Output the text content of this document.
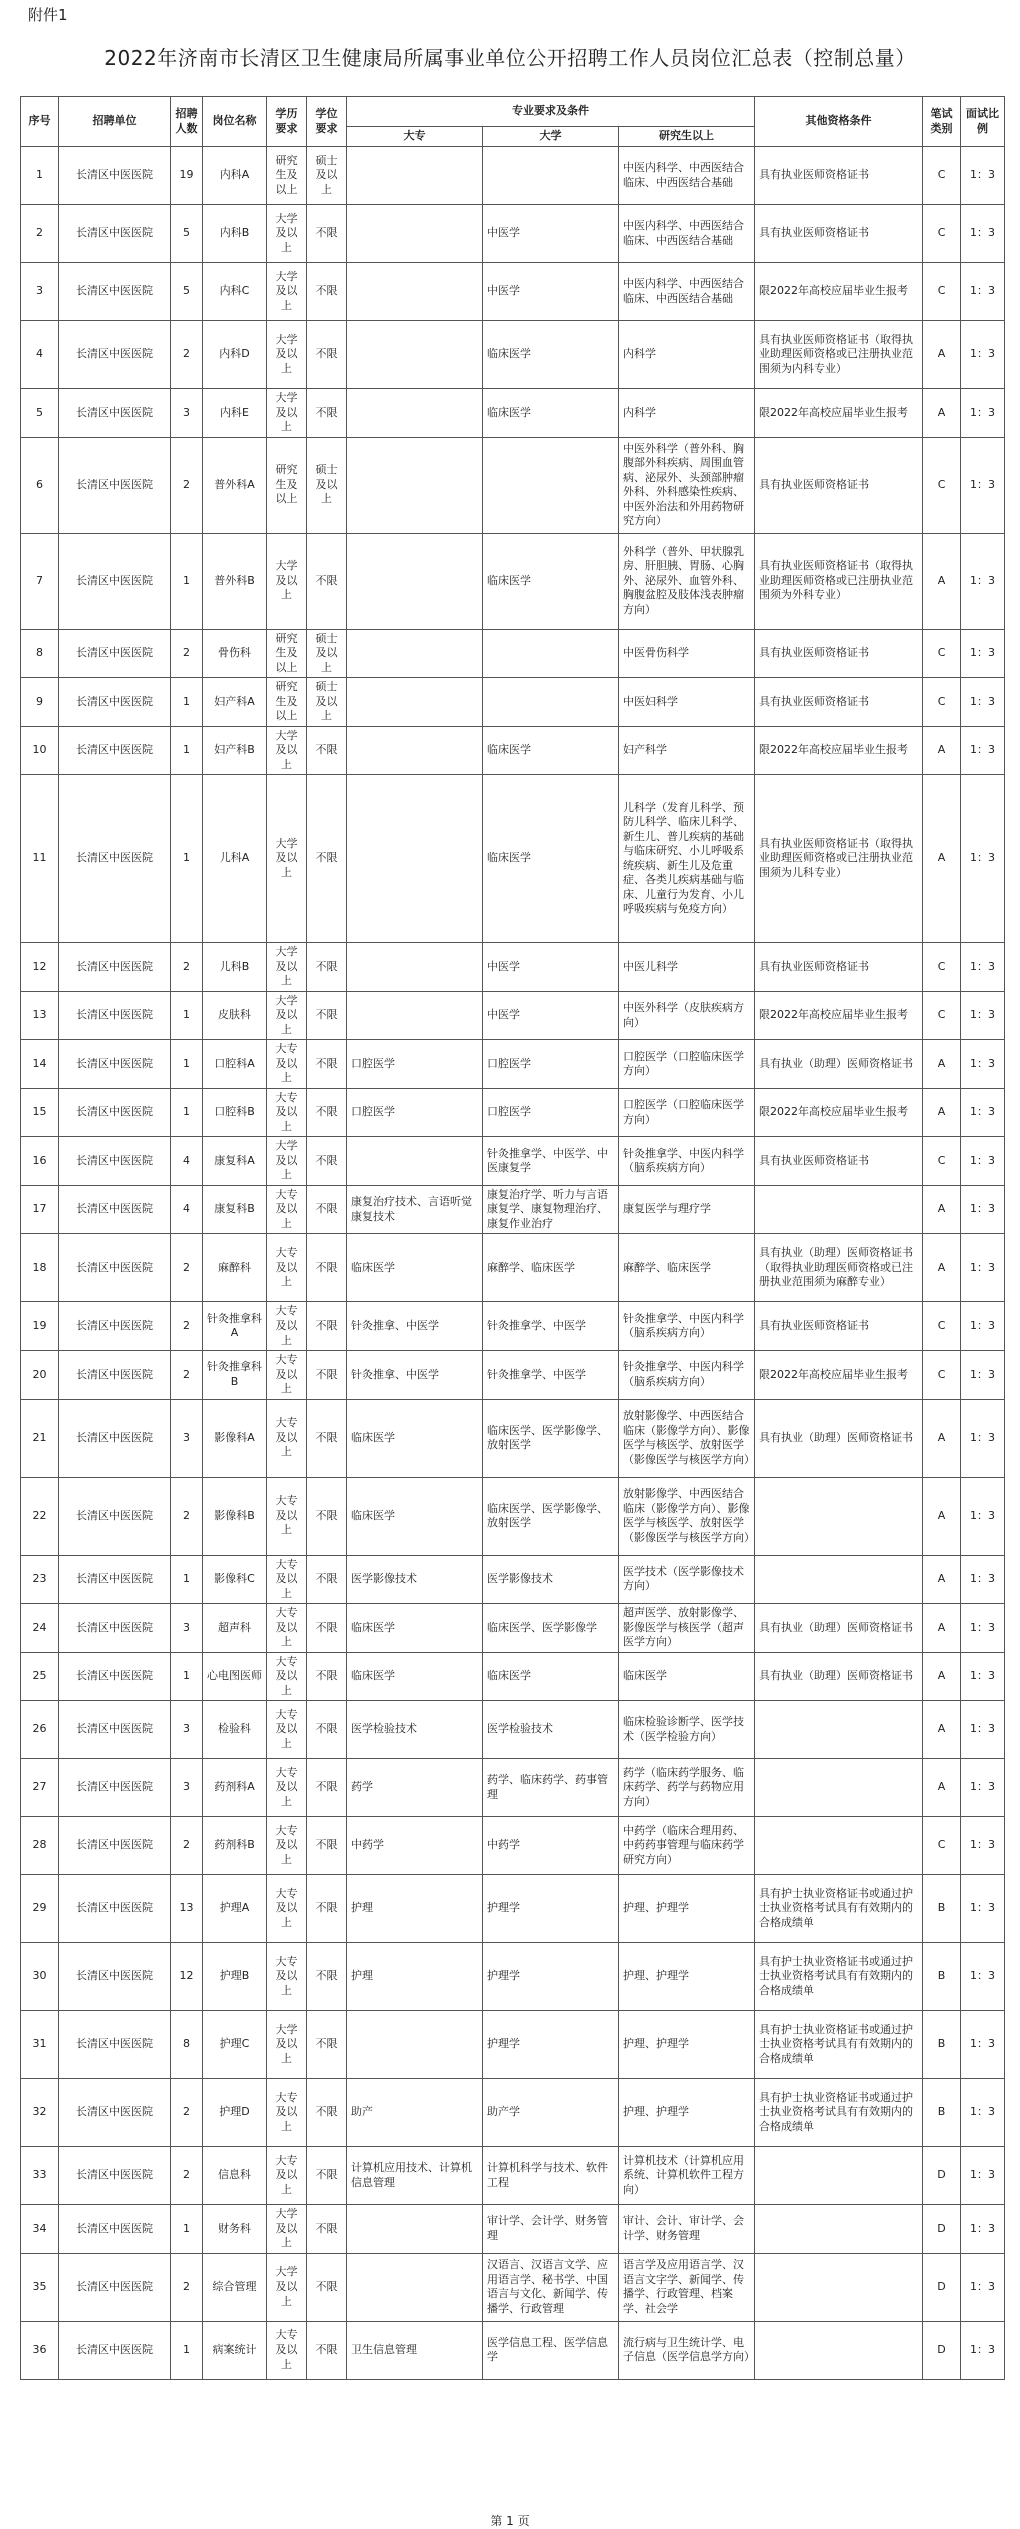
附件1
2022年济南市长清区卫生健康局所属事业单位公开招聘工作人员岗位汇总表（控制总量）
序号	招聘单位	招聘人数	岗位名称	学历要求	学位要求	专业要求及条件			其他资格条件	笔试类别	面试比例
						大专	大学	研究生以上			
1	长清区中医医院	19	内科A	研究生及以上	硕士及以上			中医内科学、中西医结合临床、中西医结合基础	具有执业医师资格证书	C	1：3
2	长清区中医医院	5	内科B	大学及以上	不限		中医学	中医内科学、中西医结合临床、中西医结合基础	具有执业医师资格证书	C	1：3
3	长清区中医医院	5	内科C	大学及以上	不限		中医学	中医内科学、中西医结合临床、中西医结合基础	限2022年高校应届毕业生报考	C	1：3
4	长清区中医医院	2	内科D	大学及以上	不限		临床医学	内科学	具有执业医师资格证书（取得执业助理医师资格或已注册执业范围须为内科专业）	A	1：3
5	长清区中医医院	3	内科E	大学及以上	不限		临床医学	内科学	限2022年高校应届毕业生报考	A	1：3
6	长清区中医医院	2	普外科A	研究生及以上	硕士及以上			中医外科学（普外科、胸腹部外科疾病、周围血管病、泌尿外、头颈部肿瘤外科、外科感染性疾病、中医外治法和外用药物研究方向）	具有执业医师资格证书	C	1：3
7	长清区中医医院	1	普外科B	大学及以上	不限		临床医学	外科学（普外、甲状腺乳房、肝胆胰、胃肠、心胸外、泌尿外、血管外科、胸腹盆腔及肢体浅表肿瘤方向）	具有执业医师资格证书（取得执业助理医师资格或已注册执业范围须为外科专业）	A	1：3
8	长清区中医医院	2	骨伤科	研究生及以上	硕士及以上			中医骨伤科学	具有执业医师资格证书	C	1：3
9	长清区中医医院	1	妇产科A	研究生及以上	硕士及以上			中医妇科学	具有执业医师资格证书	C	1：3
10	长清区中医医院	1	妇产科B	大学及以上	不限		临床医学	妇产科学	限2022年高校应届毕业生报考	A	1：3
11	长清区中医医院	1	儿科A	大学及以上	不限		临床医学	儿科学（发育儿科学、预防儿科学、临床儿科学、新生儿、普儿疾病的基础与临床研究、小儿呼吸系统疾病、新生儿及危重症、各类儿疾病基础与临床、儿童行为发育、小儿呼吸疾病与免疫方向）	具有执业医师资格证书（取得执业助理医师资格或已注册执业范围须为儿科专业）	A	1：3
12	长清区中医医院	2	儿科B	大学及以上	不限		中医学	中医儿科学	具有执业医师资格证书	C	1：3
13	长清区中医医院	1	皮肤科	大学及以上	不限		中医学	中医外科学（皮肤疾病方向）	限2022年高校应届毕业生报考	C	1：3
14	长清区中医医院	1	口腔科A	大专及以上	不限	口腔医学	口腔医学	口腔医学（口腔临床医学方向）	具有执业（助理）医师资格证书	A	1：3
15	长清区中医医院	1	口腔科B	大专及以上	不限	口腔医学	口腔医学	口腔医学（口腔临床医学方向）	限2022年高校应届毕业生报考	A	1：3
16	长清区中医医院	4	康复科A	大学及以上	不限		针灸推拿学、中医学、中医康复学	针灸推拿学、中医内科学（脑系疾病方向）	具有执业医师资格证书	C	1：3
17	长清区中医医院	4	康复科B	大专及以上	不限	康复治疗技术、言语听觉康复技术	康复治疗学、听力与言语康复学、康复物理治疗、康复作业治疗	康复医学与理疗学		A	1：3
18	长清区中医医院	2	麻醉科	大专及以上	不限	临床医学	麻醉学、临床医学	麻醉学、临床医学	具有执业（助理）医师资格证书（取得执业助理医师资格或已注册执业范围须为麻醉专业）	A	1：3
19	长清区中医医院	2	针灸推拿科A	大专及以上	不限	针灸推拿、中医学	针灸推拿学、中医学	针灸推拿学、中医内科学（脑系疾病方向）	具有执业医师资格证书	C	1：3
20	长清区中医医院	2	针灸推拿科B	大专及以上	不限	针灸推拿、中医学	针灸推拿学、中医学	针灸推拿学、中医内科学（脑系疾病方向）	限2022年高校应届毕业生报考	C	1：3
21	长清区中医医院	3	影像科A	大专及以上	不限	临床医学	临床医学、医学影像学、放射医学	放射影像学、中西医结合临床（影像学方向）、影像医学与核医学、放射医学（影像医学与核医学方向）	具有执业（助理）医师资格证书	A	1：3
22	长清区中医医院	2	影像科B	大专及以上	不限	临床医学	临床医学、医学影像学、放射医学	放射影像学、中西医结合临床（影像学方向）、影像医学与核医学、放射医学（影像医学与核医学方向）		A	1：3
23	长清区中医医院	1	影像科C	大专及以上	不限	医学影像技术	医学影像技术	医学技术（医学影像技术方向）		A	1：3
24	长清区中医医院	3	超声科	大专及以上	不限	临床医学	临床医学、医学影像学	超声医学、放射影像学、影像医学与核医学（超声医学方向）	具有执业（助理）医师资格证书	A	1：3
25	长清区中医医院	1	心电图医师	大专及以上	不限	临床医学	临床医学	临床医学	具有执业（助理）医师资格证书	A	1：3
26	长清区中医医院	3	检验科	大专及以上	不限	医学检验技术	医学检验技术	临床检验诊断学、医学技术（医学检验方向）		A	1：3
27	长清区中医医院	3	药剂科A	大专及以上	不限	药学	药学、临床药学、药事管理	药学（临床药学服务、临床药学、药学与药物应用方向）		A	1：3
28	长清区中医医院	2	药剂科B	大专及以上	不限	中药学	中药学	中药学（临床合理用药、中药药事管理与临床药学研究方向）		C	1：3
29	长清区中医医院	13	护理A	大专及以上	不限	护理	护理学	护理、护理学	具有护士执业资格证书或通过护士执业资格考试具有有效期内的合格成绩单	B	1：3
30	长清区中医医院	12	护理B	大专及以上	不限	护理	护理学	护理、护理学	具有护士执业资格证书或通过护士执业资格考试具有有效期内的合格成绩单	B	1：3
31	长清区中医医院	8	护理C	大学及以上	不限		护理学	护理、护理学	具有护士执业资格证书或通过护士执业资格考试具有有效期内的合格成绩单	B	1：3
32	长清区中医医院	2	护理D	大专及以上	不限	助产	助产学	护理、护理学	具有护士执业资格证书或通过护士执业资格考试具有有效期内的合格成绩单	B	1：3
33	长清区中医医院	2	信息科	大专及以上	不限	计算机应用技术、计算机信息管理	计算机科学与技术、软件工程	计算机技术（计算机应用系统、计算机软件工程方向）		D	1：3
34	长清区中医医院	1	财务科	大学及以上	不限		审计学、会计学、财务管理	审计、会计、审计学、会计学、财务管理		D	1：3
35	长清区中医医院	2	综合管理	大学及以上	不限		汉语言、汉语言文学、应用语言学、秘书学、中国语言与文化、新闻学、传播学、行政管理	语言学及应用语言学、汉语言文字学、新闻学、传播学、行政管理、档案学、社会学		D	1：3
36	长清区中医医院	1	病案统计	大专及以上	不限	卫生信息管理	医学信息工程、医学信息学	流行病与卫生统计学、电子信息（医学信息学方向）		D	1：3
第 1 页
